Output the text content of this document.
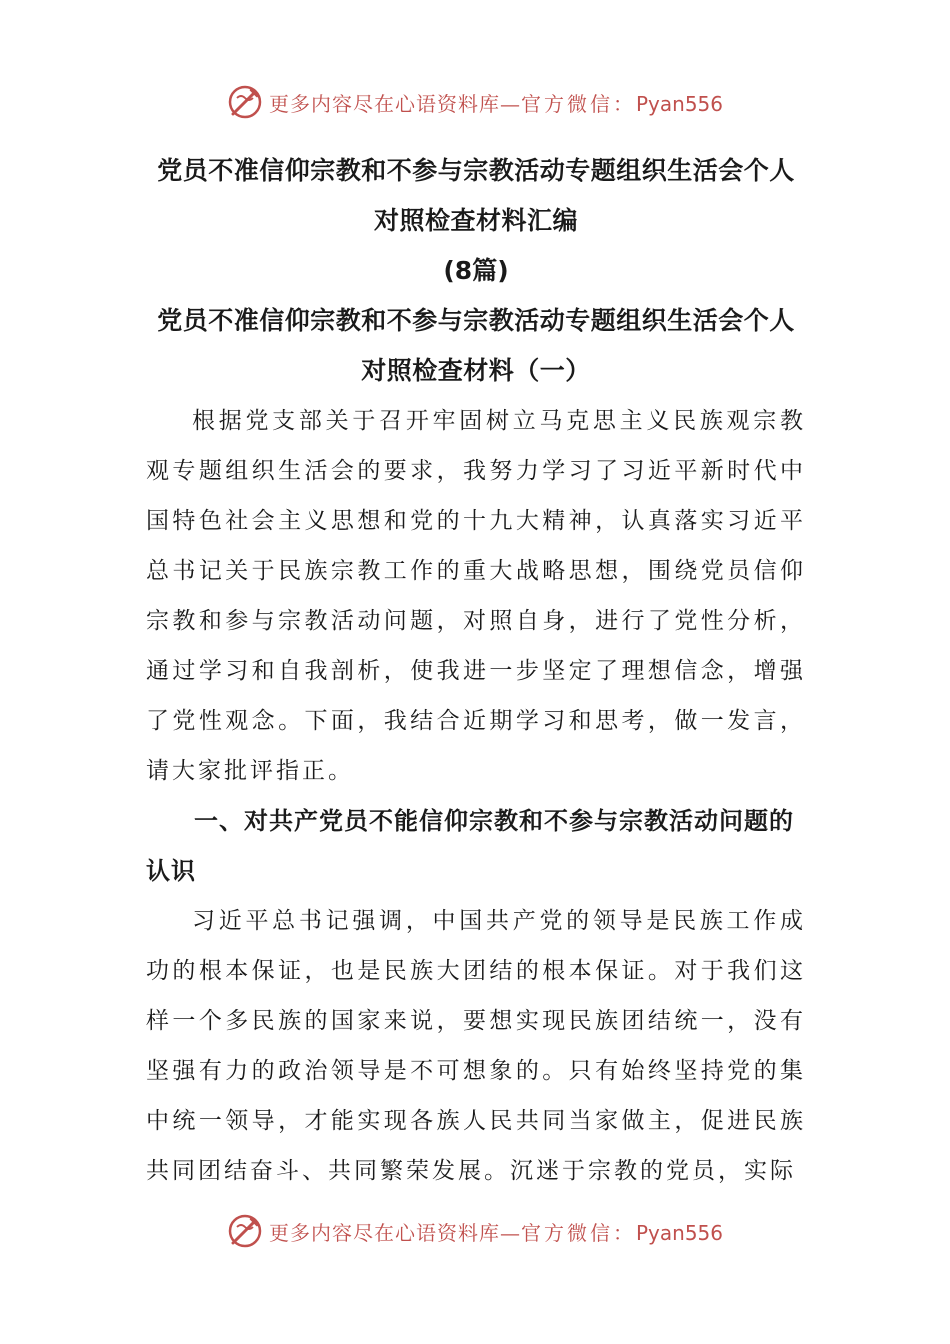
更多内容尽在心语资料库—官方微信：Pyan556

党员不准信仰宗教和不参与宗教活动专题组织生活会个人

对照检查材料汇编

(8篇)

党员不准信仰宗教和不参与宗教活动专题组织生活会个人

对照检查材料（一）

根据党支部关于召开牢固树立马克思主义民族观宗教观专题组织生活会的要求，我努力学习了习近平新时代中国特色社会主义思想和党的十九大精神，认真落实习近平总书记关于民族宗教工作的重大战略思想，围绕党员信仰宗教和参与宗教活动问题，对照自身，进行了党性分析，通过学习和自我剖析，使我进一步坚定了理想信念，增强了党性观念。下面，我结合近期学习和思考，做一发言，请大家批评指正。

一、对共产党员不能信仰宗教和不参与宗教活动问题的认识

习近平总书记强调，中国共产党的领导是民族工作成功的根本保证，也是民族大团结的根本保证。对于我们这样一个多民族的国家来说，要想实现民族团结统一，没有坚强有力的政治领导是不可想象的。只有始终坚持党的集中统一领导，才能实现各族人民共同当家做主，促进民族共同团结奋斗、共同繁荣发展。沉迷于宗教的党员，实际

更多内容尽在心语资料库—官方微信：Pyan556
